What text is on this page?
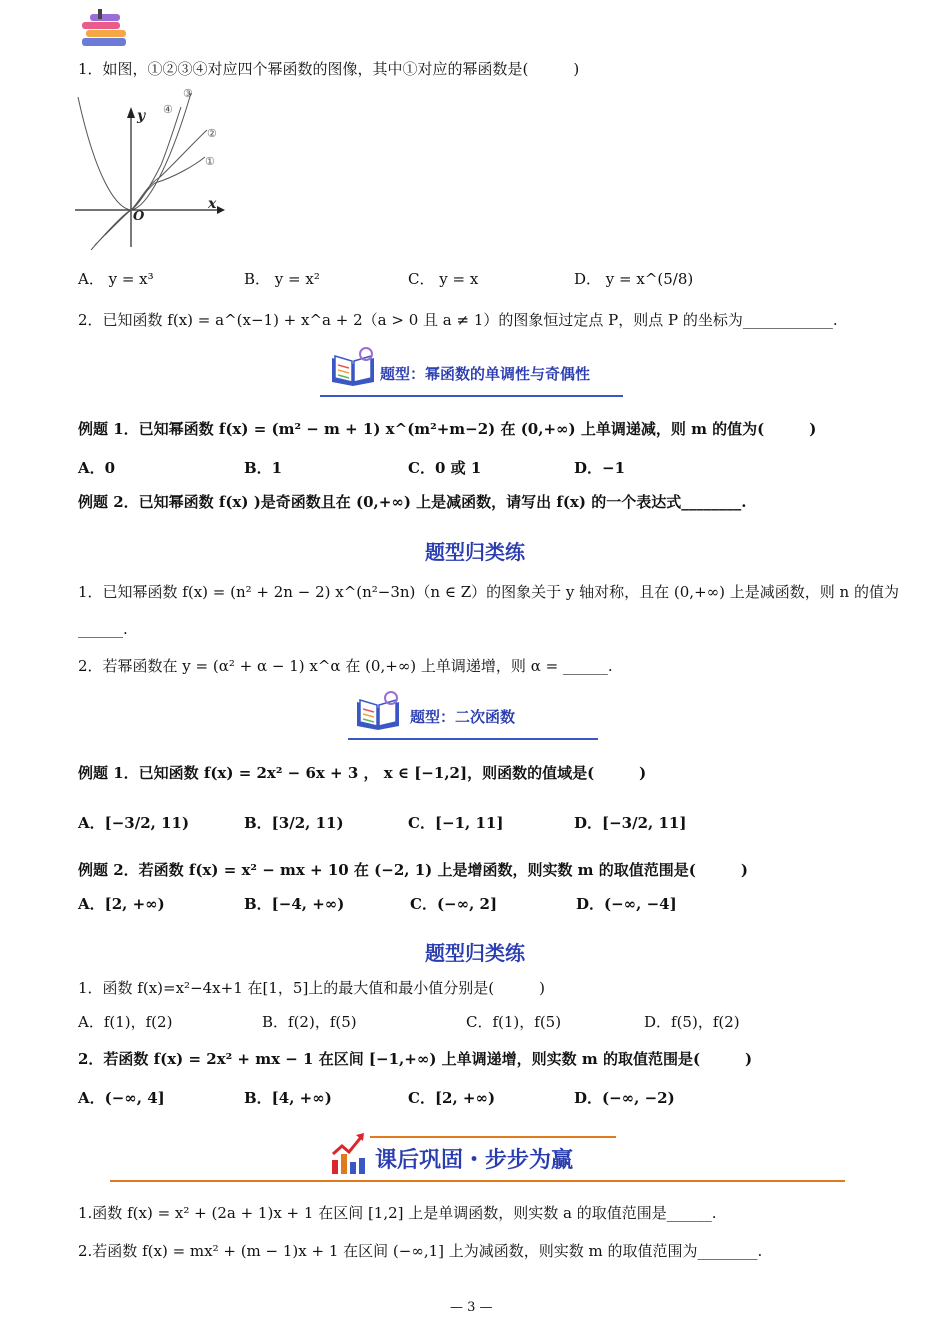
1．如图，①②③④对应四个幂函数的图像，其中①对应的幂函数是(　　　)
y
x
O
①
②
③
④
A． y = x³	B． y = x²	C． y = x	D． y = x^(5/8)
2．已知函数 f(x) = a^(x−1) + x^a + 2（a > 0 且 a ≠ 1）的图象恒过定点 P，则点 P 的坐标为____________.
题型：幂函数的单调性与奇偶性
例题 1．已知幂函数 f(x) = (m² − m + 1) x^(m²+m−2) 在 (0,+∞) 上单调递减，则 m 的值为(　　　)
A．0	B．1	C．0 或 1	D．−1
例题 2．已知幂函数 f(x) )是奇函数且在 (0,+∞) 上是减函数，请写出 f(x) 的一个表达式________.
题型归类练
1．已知幂函数 f(x) = (n² + 2n − 2) x^(n²−3n)（n ∈ Z）的图象关于 y 轴对称，且在 (0,+∞) 上是减函数，则 n 的值为
______.
2．若幂函数在 y = (α² + α − 1) x^α 在 (0,+∞) 上单调递增，则 α = ______.
题型：二次函数
例题 1．已知函数 f(x) = 2x² − 6x + 3 ， x ∈ [−1,2]，则函数的值域是(　　　)
A．[−3/2, 11)	B．[3/2, 11)	C．[−1, 11]	D．[−3/2, 11]
例题 2．若函数 f(x) = x² − mx + 10 在 (−2, 1) 上是增函数，则实数 m 的取值范围是(　　　)
A．[2, +∞)	B．[−4, +∞)	C．(−∞, 2]	D．(−∞, −4]
题型归类练
1．函数 f(x)=x²−4x+1 在[1，5]上的最大值和最小值分别是(　　　)
A．f(1)，f(2)	B．f(2)，f(5)	C．f(1)，f(5)	D．f(5)，f(2)
2．若函数 f(x) = 2x² + mx − 1 在区间 [−1,+∞) 上单调递增，则实数 m 的取值范围是(　　　)
A．(−∞, 4]	B．[4, +∞)	C．[2, +∞)	D．(−∞, −2)
课后巩固・步步为赢
1.函数 f(x) = x² + (2a + 1)x + 1 在区间 [1,2] 上是单调函数，则实数 a 的取值范围是______.
2.若函数 f(x) = mx² + (m − 1)x + 1 在区间 (−∞,1] 上为减函数，则实数 m 的取值范围为________.
— 3 —
